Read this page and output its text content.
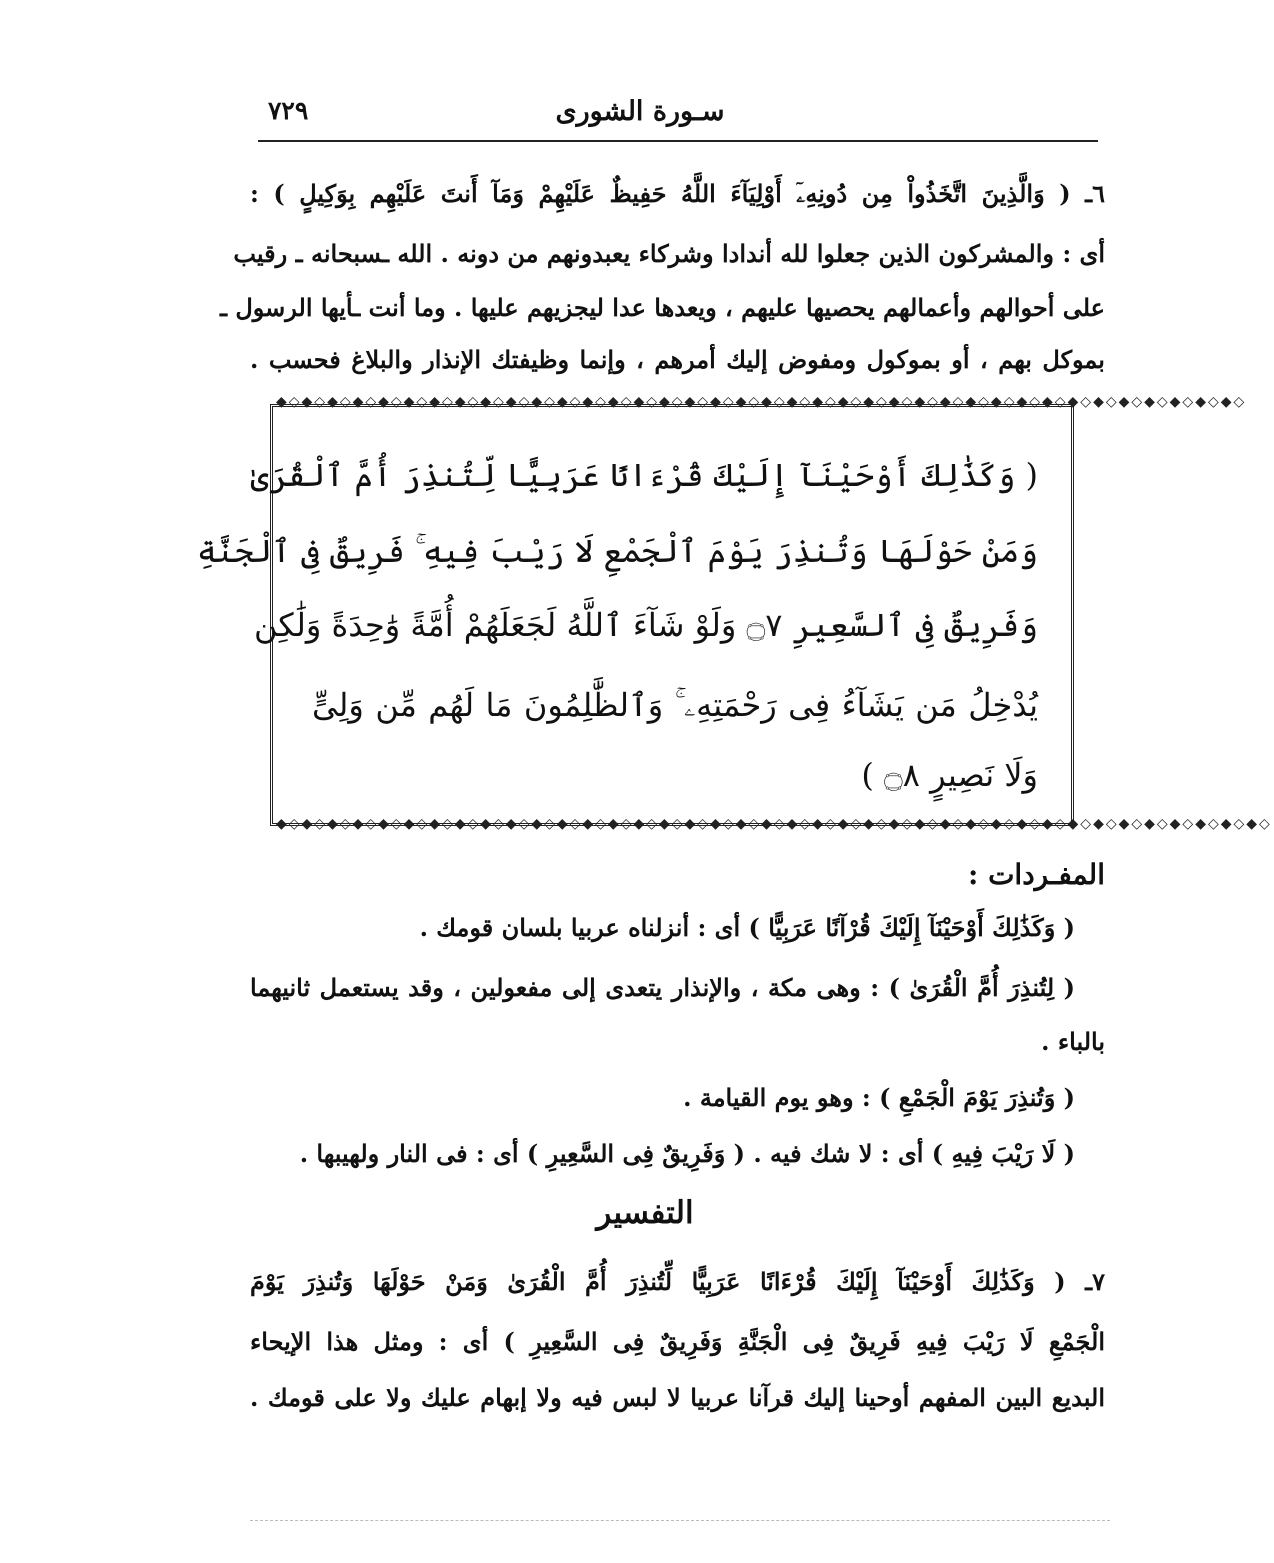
سـورة الشورى
٧٢٩
٦ـ ( وَالَّذِينَ اتَّخَذُواْ مِن دُونِهِۦٓ أَوْلِيَآءَ اللَّهُ حَفِيظٌ عَلَيْهِمْ وَمَآ أَنتَ عَلَيْهِم بِوَكِيلٍ ) :
أى : والمشركون الذين جعلوا لله أندادا وشركاء يعبدونهم من دونه . الله ـسبحانه ـ رقيب
على أحوالهم وأعمالهم يحصيها عليهم ، ويعدها عدا ليجزيهم عليها . وما أنت ـأيها الرسول ـ
بموكل بهم ، أو بموكول ومفوض إليك أمرهم ، وإنما وظيفتك الإنذار والبلاغ فحسب .
◆◇◆◇◆◇◆◇◆◇◆◇◆◇◆◇◆◇◆◇◆◇◆◇◆◇◆◇◆◇◆◇◆◇◆◇◆◇◆◇◆◇◆◇◆◇◆◇◆◇◆◇◆◇◆◇◆◇◆◇◆◇◆◇◆◇◆◇◆◇◆◇◆◇◆◇
◆◇◆◇◆◇◆◇◆◇◆◇◆◇◆◇◆◇◆◇◆◇◆◇◆◇◆◇◆◇◆◇◆◇◆◇◆◇◆◇◆◇◆◇◆◇◆◇◆◇◆◇◆◇◆◇◆◇◆◇◆◇◆◇◆◇◆◇◆◇◆◇◆◇◆◇◆◇
( وَكَذَٰلِكَ أَوْحَيْنَآ إِلَيْكَ قُرْءَانًا عَرَبِيًّا لِّتُنذِرَ أُمَّ ٱلْقُرَىٰ
وَمَنْ حَوْلَهَا وَتُنذِرَ يَوْمَ ٱلْجَمْعِ لَا رَيْبَ فِيهِ ۚ فَرِيقٌ فِى ٱلْجَنَّةِ
وَفَرِيقٌ فِى ٱلسَّعِيرِ ۝٧ وَلَوْ شَآءَ ٱللَّهُ لَجَعَلَهُمْ أُمَّةً وَٰحِدَةً وَلَٰكِن
يُدْخِلُ مَن يَشَآءُ فِى رَحْمَتِهِۦ ۚ وَٱلظَّٰلِمُونَ مَا لَهُم مِّن وَلِىٍّ
وَلَا نَصِيرٍ ۝٨ )
المفـردات :
( وَكَذَٰلِكَ أَوْحَيْنَآ إِلَيْكَ قُرْآنًا عَرَبِيًّا ) أى : أنزلناه عربيا بلسان قومك .
( لِتُنذِرَ أُمَّ الْقُرَىٰ ) : وهى مكة ، والإنذار يتعدى إلى مفعولين ، وقد يستعمل ثانيهما
بالباء .
( وَتُنذِرَ يَوْمَ الْجَمْعِ ) : وهو يوم القيامة .
( لَا رَيْبَ فِيهِ ) أى : لا شك فيه . ( وَفَرِيقٌ فِى السَّعِيرِ ) أى : فى النار ولهيبها .
التفسير
٧ـ ( وَكَذَٰلِكَ أَوْحَيْنَآ إِلَيْكَ قُرْءَانًا عَرَبِيًّا لِّتُنذِرَ أُمَّ الْقُرَىٰ وَمَنْ حَوْلَهَا وَتُنذِرَ يَوْمَ
الْجَمْعِ لَا رَيْبَ فِيهِ فَرِيقٌ فِى الْجَنَّةِ وَفَرِيقٌ فِى السَّعِيرِ ) أى : ومثل هذا الإيحاء
البديع البين المفهم أوحينا إليك قرآنا عربيا لا لبس فيه ولا إبهام عليك ولا على قومك .
